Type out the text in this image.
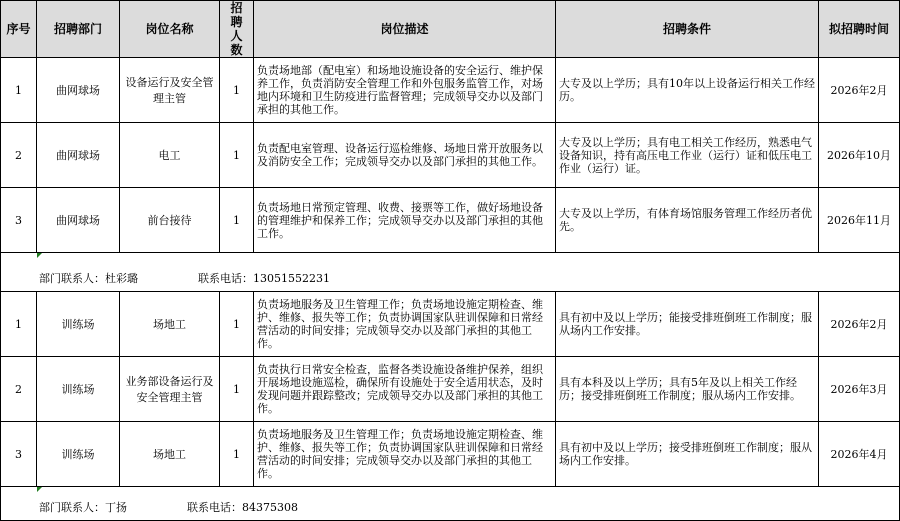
序号	招聘部门	岗位名称	招聘人数	岗位描述	招聘条件	拟招聘时间
1	曲网球场	设备运行及安全管理主管	1	负责场地部（配电室）和场地设施设备的安全运行、维护保养工作，负责消防安全管理工作和外包服务监管工作，对场地内环境和卫生防疫进行监督管理；完成领导交办以及部门承担的其他工作。	大专及以上学历；具有10年以上设备运行相关工作经历。	2026年2月
2	曲网球场	电工	1	负责配电室管理、设备运行巡检维修、场地日常开放服务以及消防安全工作；完成领导交办以及部门承担的其他工作。	大专及以上学历；具有电工相关工作经历，熟悉电气设备知识，持有高压电工作业（运行）证和低压电工作业（运行）证。	2026年10月
3	曲网球场	前台接待	1	负责场地日常预定管理、收费、接票等工作，做好场地设备的管理维护和保养工作；完成领导交办以及部门承担的其他工作。	大专及以上学历，有体育场馆服务管理工作经历者优先。	2026年11月

部门联系人：杜彩璐 联系电话：13051552231						

1	训练场	场地工	1	负责场地服务及卫生管理工作；负责场地设施定期检查、维护、维修、报失等工作；负责协调国家队驻训保障和日常经营活动的时间安排；完成领导交办以及部门承担的其他工作。	具有初中及以上学历；能接受排班倒班工作制度；服从场内工作安排。	2026年2月
2	训练场	业务部设备运行及安全管理主管	1	负责执行日常安全检查，监督各类设施设备维护保养，组织开展场地设施巡检，确保所有设施处于安全适用状态，及时发现问题并跟踪整改；完成领导交办以及部门承担的其他工作。	具有本科及以上学历；具有5年及以上相关工作经历；接受排班倒班工作制度；服从场内工作安排。	2026年3月
3	训练场	场地工	1	负责场地服务及卫生管理工作；负责场地设施定期检查、维护、维修、报失等工作；负责协调国家队驻训保障和日常经营活动的时间安排；完成领导交办以及部门承担的其他工作。	具有初中及以上学历；接受排班倒班工作制度；服从场内工作安排。	2026年4月

部门联系人：丁扬 联系电话：84375308						
